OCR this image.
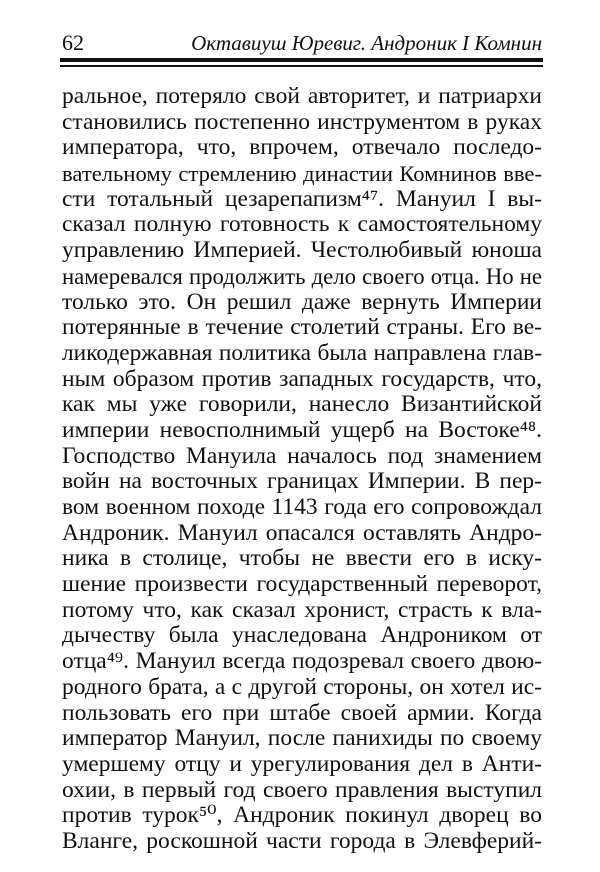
62	Октавиуш Юревиг. Андроник I Комнин
ральное, потеряло свой авторитет, и патриархи
становились постепенно инструментом в руках
императора, что, впрочем, отвечало последо-
вательному стремлению династии Комнинов вве-
сти тотальный цезарепапизм⁴⁷. Мануил I вы-
сказал полную готовность к самостоятельному
управлению Империей. Честолюбивый юноша
намеревался продолжить дело своего отца. Но не
только это. Он решил даже вернуть Империи
потерянные в течение столетий страны. Его ве-
ликодержавная политика была направлена глав-
ным образом против западных государств, что,
как мы уже говорили, нанесло Византийской
империи невосполнимый ущерб на Востоке⁴⁸.
Господство Мануила началось под знамением
войн на восточных границах Империи. В пер-
вом военном походе 1143 года его сопровождал
Андроник. Мануил опасался оставлять Андро-
ника в столице, чтобы не ввести его в иску-
шение произвести государственный переворот,
потому что, как сказал хронист, страсть к вла-
дычеству была унаследована Андроником от
отца⁴⁹. Мануил всегда подозревал своего двою-
родного брата, а с другой стороны, он хотел ис-
пользовать его при штабе своей армии. Когда
император Мануил, после панихиды по своему
умершему отцу и урегулирования дел в Анти-
охии, в первый год своего правления выступил
против турок⁵⁰, Андроник покинул дворец во
Вланге, роскошной части города в Элевферий-
